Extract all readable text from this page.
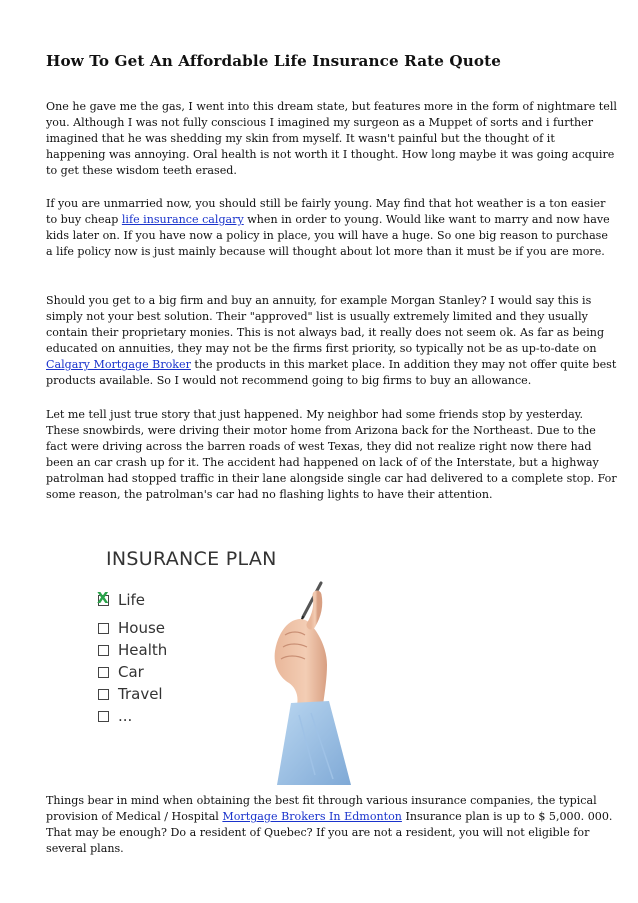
How To Get An Affordable Life Insurance Rate Quote

One he gave me the gas, I went into this dream state, but features more in the form of nightmare tell
you. Although I was not fully conscious I imagined my surgeon as a Muppet of sorts and i further
imagined that he was shedding my skin from myself. It wasn't painful but the thought of it
happening was annoying. Oral health is not worth it I thought. How long maybe it was going acquire
to get these wisdom teeth erased.

If you are unmarried now, you should still be fairly young. May find that hot weather is a ton easier
to buy cheap life insurance calgary when in order to young. Would like want to marry and now have
kids later on. If you have now a policy in place, you will have a huge. So one big reason to purchase
a life policy now is just mainly because will thought about lot more than it must be if you are more.

Should you get to a big firm and buy an annuity, for example Morgan Stanley? I would say this is
simply not your best solution. Their "approved" list is usually extremely limited and they usually
contain their proprietary monies. This is not always bad, it really does not seem ok. As far as being
educated on annuities, they may not be the firms first priority, so typically not be as up-to-date on
Calgary Mortgage Broker the products in this market place. In addition they may not offer quite best
products available. So I would not recommend going to big firms to buy an allowance.

Let me tell just true story that just happened. My neighbor had some friends stop by yesterday.
These snowbirds, were driving their motor home from Arizona back for the Northeast. Due to the
fact were driving across the barren roads of west Texas, they did not realize right now there had
been an car crash up for it. The accident had happened on lack of of the Interstate, but a highway
patrolman had stopped traffic in their lane alongside single car had delivered to a complete stop. For
some reason, the patrolman's car had no flashing lights to have their attention.

INSURANCE PLAN
X Life
House
Health
Car
Travel
...

Things bear in mind when obtaining the best fit through various insurance companies, the typical
provision of Medical / Hospital Mortgage Brokers In Edmonton Insurance plan is up to $ 5,000. 000.
That may be enough? Do a resident of Quebec? If you are not a resident, you will not eligible for
several plans.
